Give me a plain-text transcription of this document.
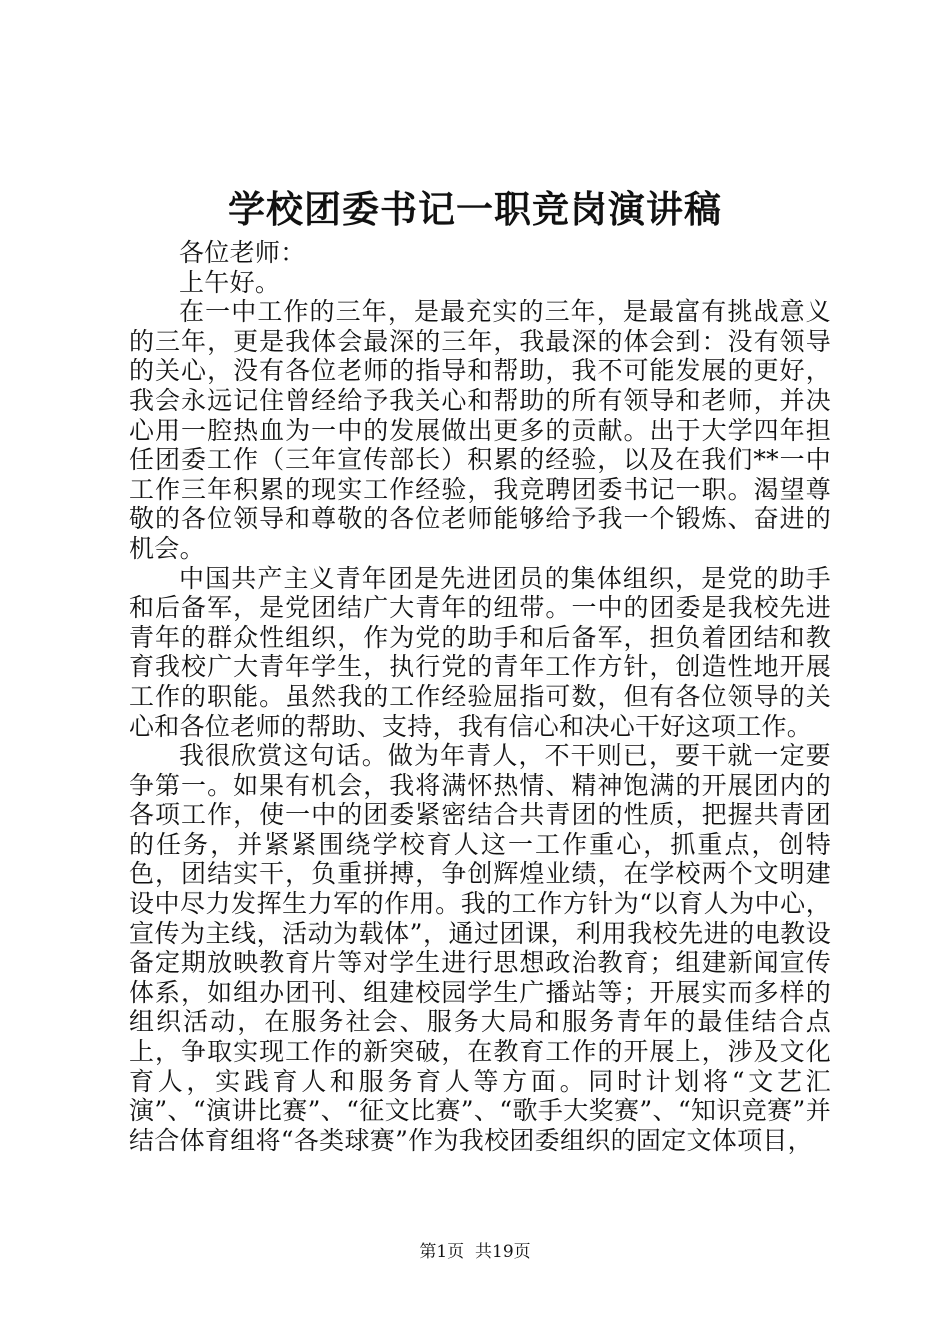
学校团委书记一职竞岗演讲稿

各位老师：

上午好。

在一中工作的三年，是最充实的三年，是最富有挑战意义的三年，更是我体会最深的三年，我最深的体会到：没有领导的关心，没有各位老师的指导和帮助，我不可能发展的更好，我会永远记住曾经给予我关心和帮助的所有领导和老师，并决心用一腔热血为一中的发展做出更多的贡献。出于大学四年担任团委工作（三年宣传部长）积累的经验，以及在我们**一中工作三年积累的现实工作经验，我竞聘团委书记一职。渴望尊敬的各位领导和尊敬的各位老师能够给予我一个锻炼、奋进的机会。

中国共产主义青年团是先进团员的集体组织，是党的助手和后备军，是党团结广大青年的纽带。一中的团委是我校先进青年的群众性组织，作为党的助手和后备军，担负着团结和教育我校广大青年学生，执行党的青年工作方针，创造性地开展工作的职能。虽然我的工作经验屈指可数，但有各位领导的关心和各位老师的帮助、支持，我有信心和决心干好这项工作。

我很欣赏这句话。做为年青人，不干则已，要干就一定要争第一。如果有机会，我将满怀热情、精神饱满的开展团内的各项工作，使一中的团委紧密结合共青团的性质，把握共青团的任务，并紧紧围绕学校育人这一工作重心，抓重点，创特色，团结实干，负重拼搏，争创辉煌业绩，在学校两个文明建设中尽力发挥生力军的作用。我的工作方针为“以育人为中心，宣传为主线，活动为载体”，通过团课，利用我校先进的电教设备定期放映教育片等对学生进行思想政治教育；组建新闻宣传体系，如组办团刊、组建校园学生广播站等；开展实而多样的组织活动，在服务社会、服务大局和服务青年的最佳结合点上，争取实现工作的新突破，在教育工作的开展上，涉及文化育人，实践育人和服务育人等方面。同时计划将“文艺汇演”、“演讲比赛”、“征文比赛”、“歌手大奖赛”、“知识竞赛”并结合体育组将“各类球赛”作为我校团委组织的固定文体项目，

第1页 共19页
